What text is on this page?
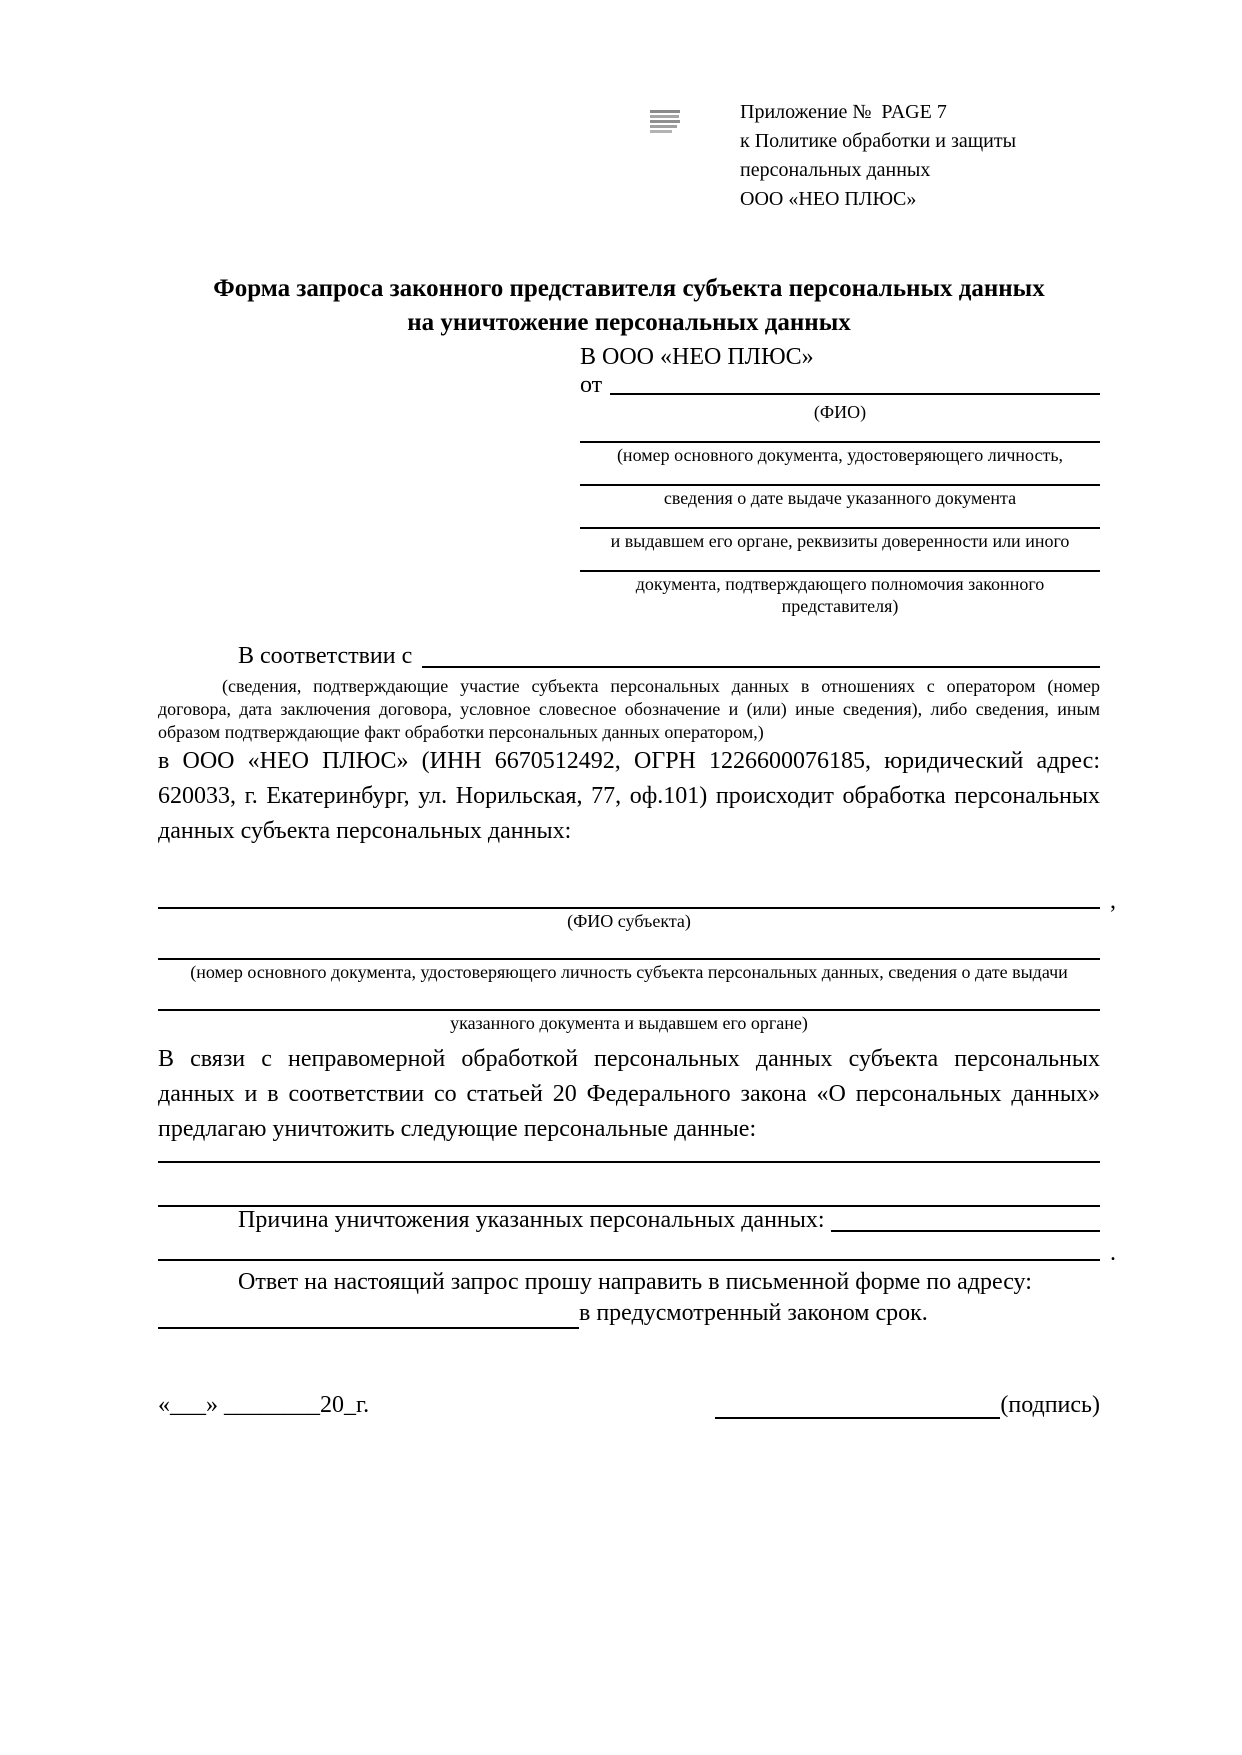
Приложение №  PAGE 7
к Политике обработки и защиты
персональных данных
ООО «НЕО ПЛЮС»
Форма запроса законного представителя субъекта персональных данных
на уничтожение персональных данных
В ООО «НЕО ПЛЮС»
от
(ФИО)
(номер основного документа, удостоверяющего личность,
сведения о дате выдаче указанного документа
и выдавшем его органе, реквизиты доверенности или иного
документа, подтверждающего полномочия законного представителя)
В соответствии с
(сведения, подтверждающие участие субъекта персональных данных в отношениях с оператором (номер договора, дата заключения договора, условное словесное обозначение и (или) иные сведения), либо сведения, иным образом подтверждающие факт обработки персональных данных оператором,)

в ООО «НЕО ПЛЮС» (ИНН 6670512492, ОГРН 1226600076185, юридический адрес: 620033, г. Екатеринбург, ул. Норильская, 77, оф.101) происходит обработка персональных данных субъекта персональных данных:

,
(ФИО субъекта)
(номер основного документа, удостоверяющего личность субъекта персональных данных, сведения о дате выдачи
указанного документа и выдавшем его органе)

В связи с неправомерной обработкой персональных данных субъекта персональных данных и в соответствии со статьей 20 Федерального закона «О персональных данных» предлагаю уничтожить следующие персональные данные:

Причина уничтожения указанных персональных данных:
.
Ответ на настоящий запрос прошу направить в письменной форме по адресу:
в предусмотренный законом срок.
«___» ________20_г.	(подпись)
